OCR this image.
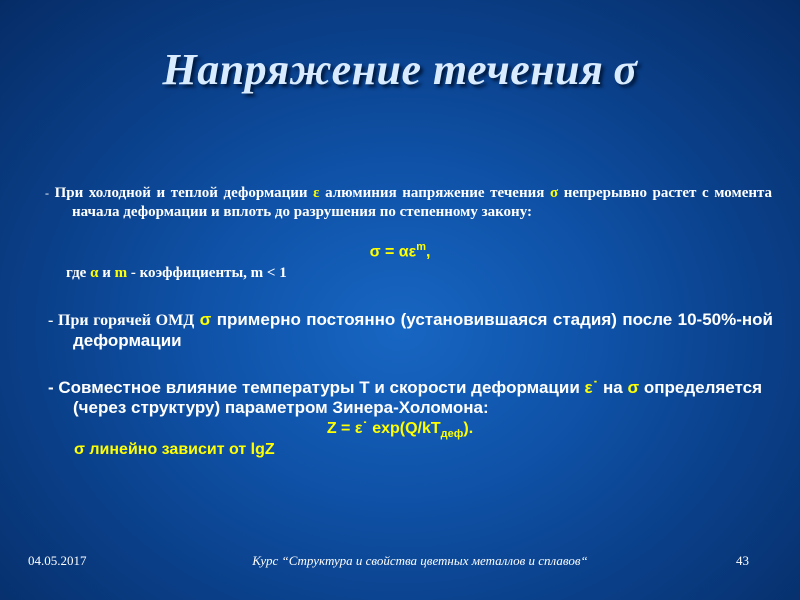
Напряжение течения σ
- При холодной и теплой деформации ε алюминия напряжение течения σ непрерывно растет с момента начала деформации и вплоть до разрушения по степенному закону:
$\sigma = \alpha\varepsilon^m$,
где α и m - коэффициенты, m < 1
- При горячей ОМД σ примерно постоянно (установившаяся стадия) после 10-50%-ной деформации
- Совместное влияние температуры Т и скорости деформации ε˙ на σ определяется (через структуру) параметром Зинера-Холомона:
Z = ε˙ $\exp(Q/kT_{деф})$.
σ линейно зависит от lgZ
04.05.2017	Курс “Структура и свойства цветных металлов и сплавов“	43
